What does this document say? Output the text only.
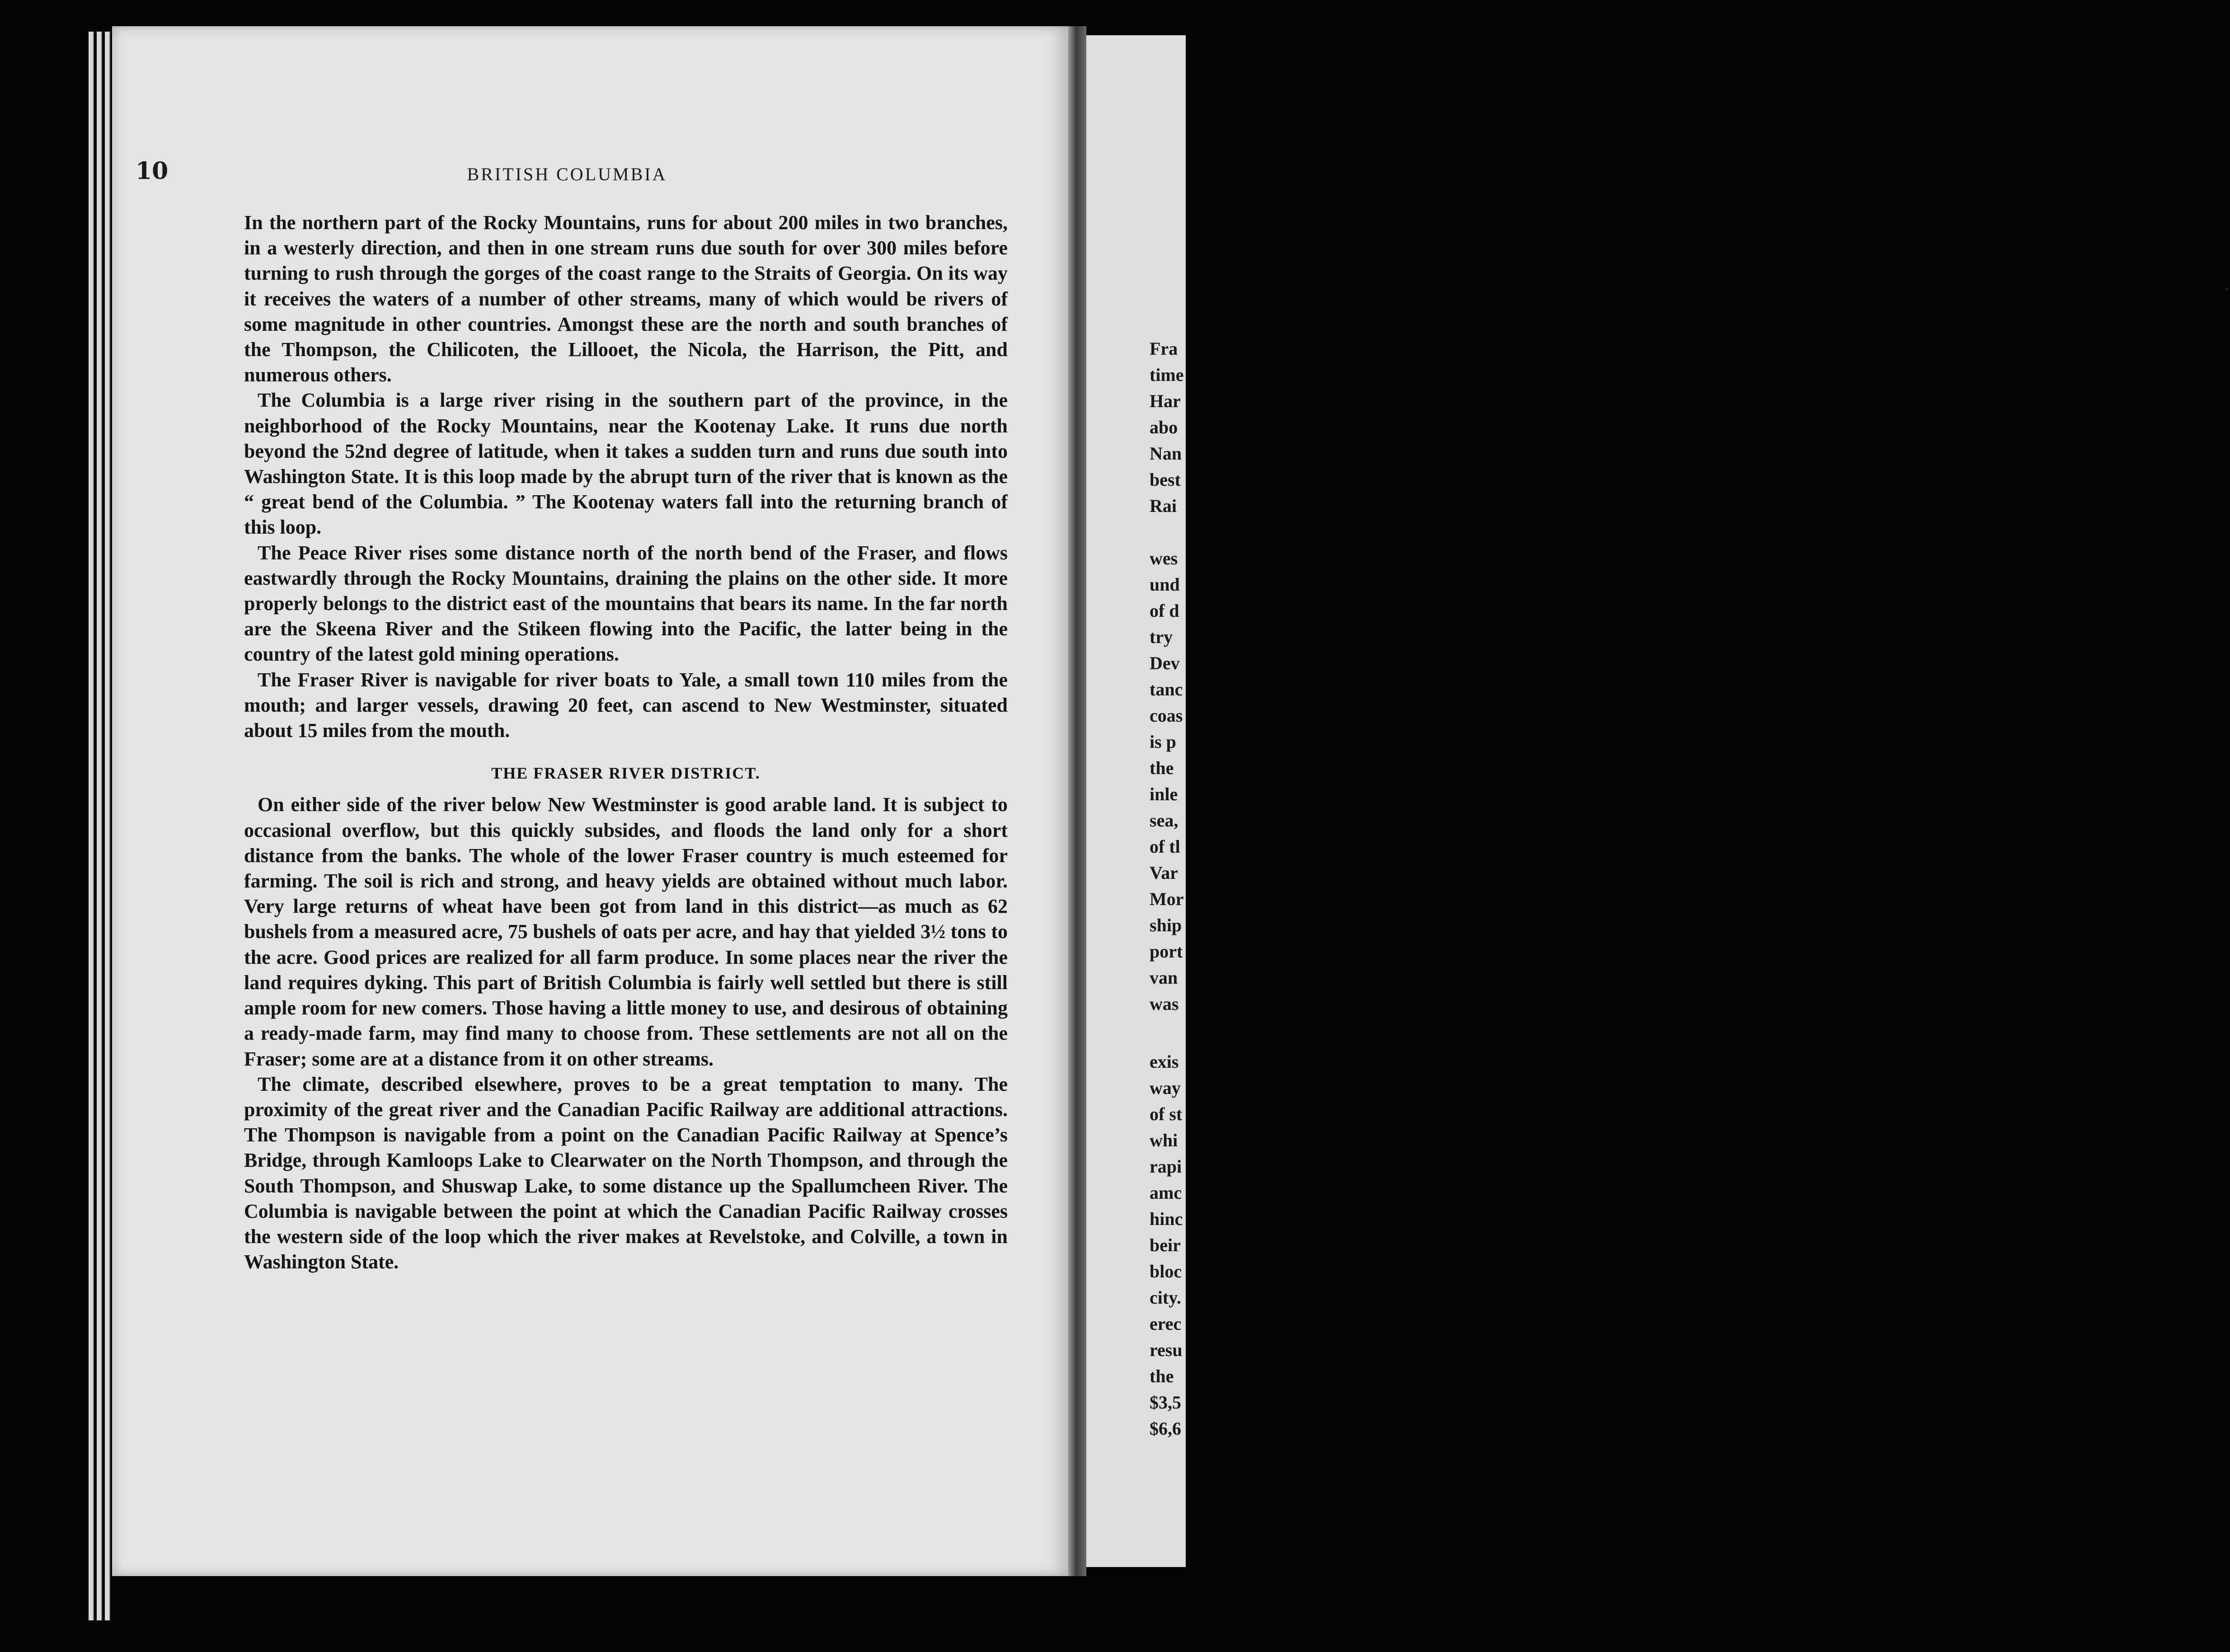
10	BRITISH COLUMBIA

In the northern part of the Rocky Mountains, runs for about 200 miles in two branches, in a westerly direction, and then in one stream runs due south for over 300 miles before turning to rush through the gorges of the coast range to the Straits of Georgia. On its way it receives the waters of a number of other streams, many of which would be rivers of some magnitude in other countries. Amongst these are the north and south branches of the Thompson, the Chilicoten, the Lillooet, the Nicola, the Harrison, the Pitt, and numerous others.

The Columbia is a large river rising in the southern part of the province, in the neighborhood of the Rocky Mountains, near the Kootenay Lake. It runs due north beyond the 52nd degree of latitude, when it takes a sudden turn and runs due south into Washington State. It is this loop made by the abrupt turn of the river that is known as the “ great bend of the Columbia. ” The Kootenay waters fall into the returning branch of this loop.

The Peace River rises some distance north of the north bend of the Fraser, and flows eastwardly through the Rocky Mountains, draining the plains on the other side. It more properly belongs to the district east of the mountains that bears its name. In the far north are the Skeena River and the Stikeen flowing into the Pacific, the latter being in the country of the latest gold mining operations.

The Fraser River is navigable for river boats to Yale, a small town 110 miles from the mouth; and larger vessels, drawing 20 feet, can ascend to New Westminster, situated about 15 miles from the mouth.

THE FRASER RIVER DISTRICT.

On either side of the river below New Westminster is good arable land. It is subject to occasional overflow, but this quickly subsides, and floods the land only for a short distance from the banks. The whole of the lower Fraser country is much esteemed for farming. The soil is rich and strong, and heavy yields are obtained without much labor. Very large returns of wheat have been got from land in this district—as much as 62 bushels from a measured acre, 75 bushels of oats per acre, and hay that yielded 3½ tons to the acre. Good prices are realized for all farm produce. In some places near the river the land requires dyking. This part of British Columbia is fairly well settled but there is still ample room for new comers. Those having a little money to use, and desirous of obtaining a ready-made farm, may find many to choose from. These settlements are not all on the Fraser; some are at a distance from it on other streams.

The climate, described elsewhere, proves to be a great temptation to many. The proximity of the great river and the Canadian Pacific Railway are additional attractions. The Thompson is navigable from a point on the Canadian Pacific Railway at Spence’s Bridge, through Kamloops Lake to Clearwater on the North Thompson, and through the South Thompson, and Shuswap Lake, to some distance up the Spallumcheen River. The Columbia is navigable between the point at which the Canadian Pacific Railway crosses the western side of the loop which the river makes at Revelstoke, and Colville, a town in Washington State.

·
Fra
time
Har
abo
Nan
best
Rai
wes
und
of d
try
Dev
tanc
coas
is p
the
inle
sea,
of tl
Var
Mor
ship
port
van
was
exis
way
of st
whi
rapi
amc
hinc
beir
bloc
city.
erec
resu
the
$3,5
$6,6
